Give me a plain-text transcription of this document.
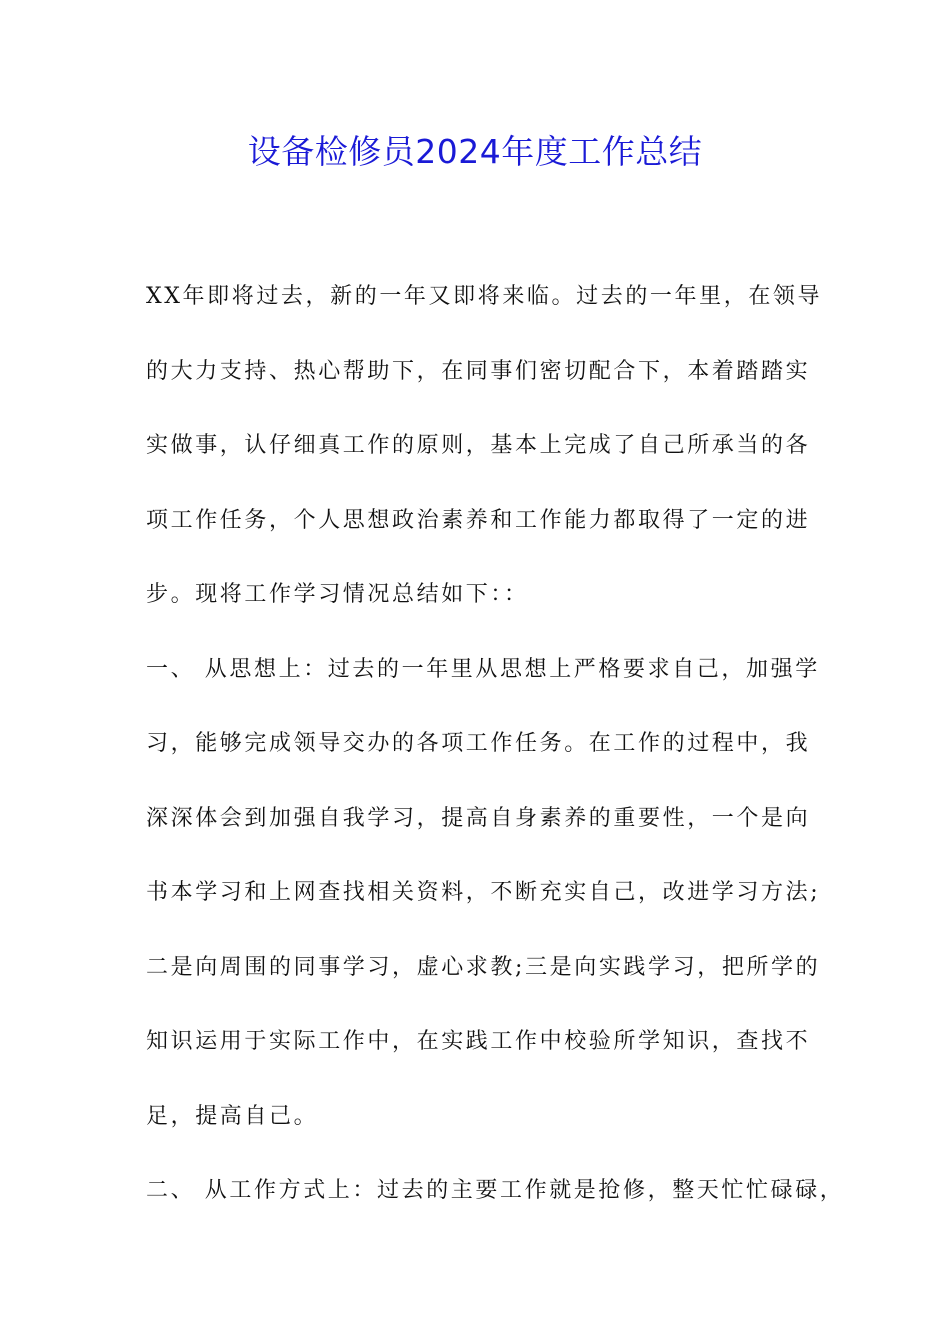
设备检修员2024年度工作总结
XX年即将过去，新的一年又即将来临。过去的一年里，在领导
的大力支持、热心帮助下，在同事们密切配合下，本着踏踏实
实做事，认仔细真工作的原则，基本上完成了自己所承当的各
项工作任务，个人思想政治素养和工作能力都取得了一定的进
步。现将工作学习情况总结如下：：
一、 从思想上：过去的一年里从思想上严格要求自己，加强学
习，能够完成领导交办的各项工作任务。在工作的过程中，我
深深体会到加强自我学习，提高自身素养的重要性，一个是向
书本学习和上网查找相关资料，不断充实自己，改进学习方法;
二是向周围的同事学习，虚心求教;三是向实践学习，把所学的
知识运用于实际工作中，在实践工作中校验所学知识，查找不
足，提高自己。
二、 从工作方式上：过去的主要工作就是抢修，整天忙忙碌碌，
